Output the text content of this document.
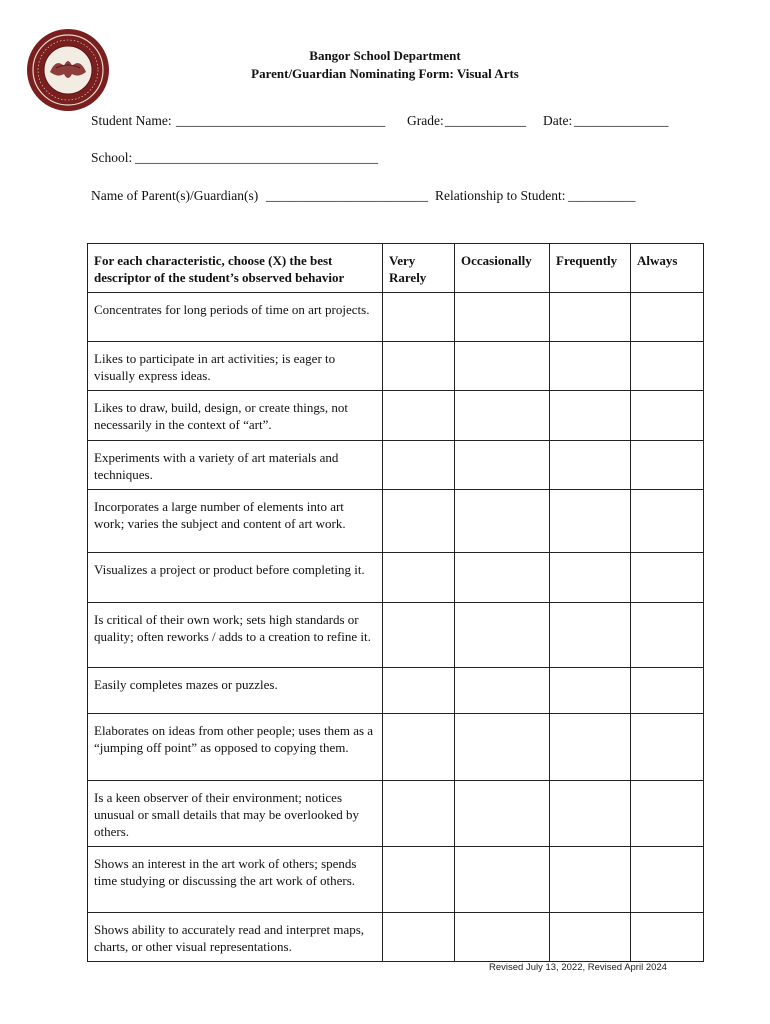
Bangor School Department
Parent/Guardian Nominating Form: Visual Arts
Student Name: _______________________________ Grade: ____________ Date: ______________
School: ____________________________________
Name of Parent(s)/Guardian(s) ________________________ Relationship to Student: __________
For each characteristic, choose (X) the best descriptor of the student’s observed behavior	Very Rarely	Occasionally	Frequently	Always
Concentrates for long periods of time on art projects.				
Likes to participate in art activities; is eager to visually express ideas.				
Likes to draw, build, design, or create things, not necessarily in the context of “art”.				
Experiments with a variety of art materials and techniques.				
Incorporates a large number of elements into art work; varies the subject and content of art work.				
Visualizes a project or product before completing it.				
Is critical of their own work; sets high standards or quality; often reworks / adds to a creation to refine it.				
Easily completes mazes or puzzles.				
Elaborates on ideas from other people; uses them as a “jumping off point” as opposed to copying them.				
Is a keen observer of their environment; notices unusual or small details that may be overlooked by others.				
Shows an interest in the art work of others; spends time studying or discussing the art work of others.				
Shows ability to accurately read and interpret maps, charts, or other visual representations.				
Revised July 13, 2022, Revised April 2024
